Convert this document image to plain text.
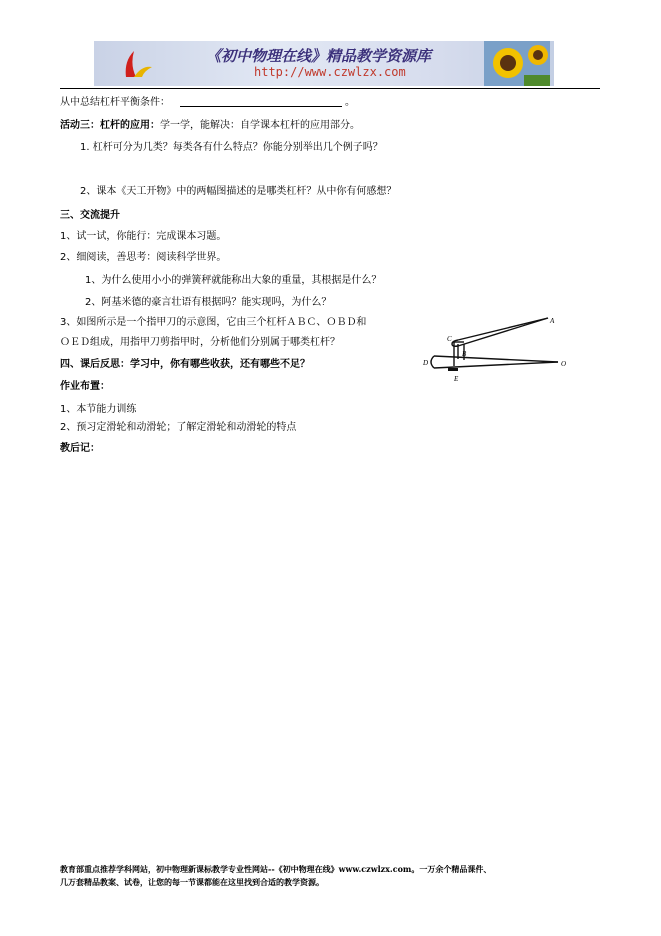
《初中物理在线》精品教学资源库
http://www.czwlzx.com
从中总结杠杆平衡条件：	。
活动三：杠杆的应用：学一学，能解决：自学课本杠杆的应用部分。
1. 杠杆可分为几类？每类各有什么特点？你能分别举出几个例子吗？
2、课本《天工开物》中的两幅图描述的是哪类杠杆？从中你有何感想？
三、交流提升
1、试一试，你能行：完成课本习题。
2、细阅读，善思考：阅读科学世界。
1、为什么使用小小的弹簧秤就能称出大象的重量，其根据是什么？
2、阿基米德的豪言壮语有根据吗？能实现吗，为什么？
3、如图所示是一个指甲刀的示意图，它由三个杠杆ＡＢＣ、ＯＢＤ和
ＯＥＤ组成，用指甲刀剪指甲时，分析他们分别属于哪类杠杆？
四、课后反思：学习中，你有哪些收获，还有哪些不足？
作业布置：
1、本节能力训练
2、预习定滑轮和动滑轮；了解定滑轮和动滑轮的特点
教后记：
C
A
B
D
E
O
教育部重点推荐学科网站，初中物理新课标教学专业性网站--《初中物理在线》www.czwlzx.com。一万余个精品课件、
几万套精品教案、试卷，让您的每一节课都能在这里找到合适的教学资源。
